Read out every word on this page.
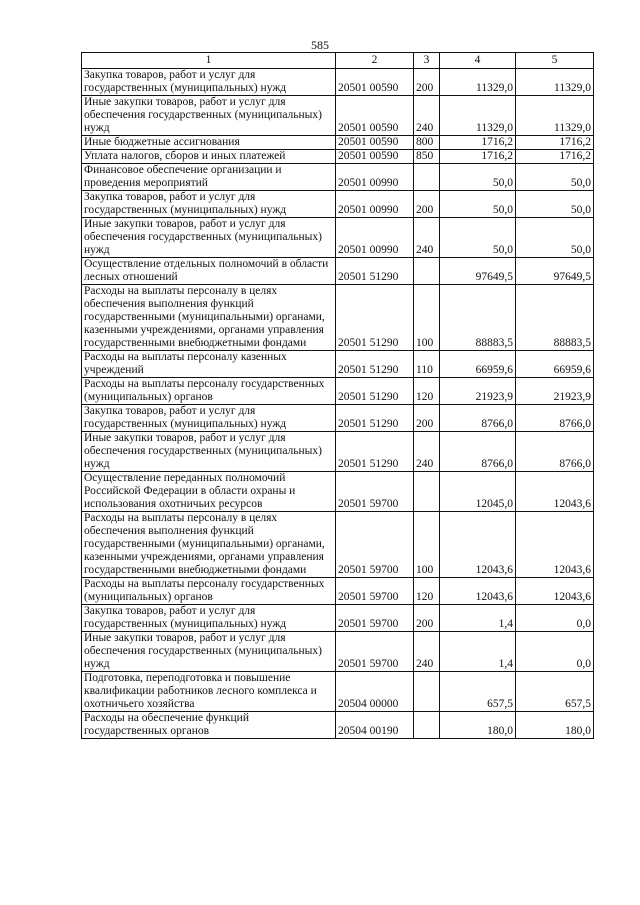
585
1	2	3	4	5
Закупка товаров, работ и услуг для государственных (муниципальных) нужд	20501 00590	200	11329,0	11329,0
Иные закупки товаров, работ и услуг для обеспечения государственных (муниципальных) нужд	20501 00590	240	11329,0	11329,0
Иные бюджетные ассигнования	20501 00590	800	1716,2	1716,2
Уплата налогов, сборов и иных платежей	20501 00590	850	1716,2	1716,2
Финансовое обеспечение организации и проведения мероприятий	20501 00990		50,0	50,0
Закупка товаров, работ и услуг для государственных (муниципальных) нужд	20501 00990	200	50,0	50,0
Иные закупки товаров, работ и услуг для обеспечения государственных (муниципальных) нужд	20501 00990	240	50,0	50,0
Осуществление отдельных полномочий в области лесных отношений	20501 51290		97649,5	97649,5
Расходы на выплаты персоналу в целях обеспечения выполнения функций государственными (муниципальными) органами, казенными учреждениями, органами управления государственными внебюджетными фондами	20501 51290	100	88883,5	88883,5
Расходы на выплаты персоналу казенных учреждений	20501 51290	110	66959,6	66959,6
Расходы на выплаты персоналу государственных (муниципальных) органов	20501 51290	120	21923,9	21923,9
Закупка товаров, работ и услуг для государственных (муниципальных) нужд	20501 51290	200	8766,0	8766,0
Иные закупки товаров, работ и услуг для обеспечения государственных (муниципальных) нужд	20501 51290	240	8766,0	8766,0
Осуществление переданных полномочий Российской Федерации в области охраны и использования охотничьих ресурсов	20501 59700		12045,0	12043,6
Расходы на выплаты персоналу в целях обеспечения выполнения функций государственными (муниципальными) органами, казенными учреждениями, органами управления государственными внебюджетными фондами	20501 59700	100	12043,6	12043,6
Расходы на выплаты персоналу государственных (муниципальных) органов	20501 59700	120	12043,6	12043,6
Закупка товаров, работ и услуг для государственных (муниципальных) нужд	20501 59700	200	1,4	0,0
Иные закупки товаров, работ и услуг для обеспечения государственных (муниципальных) нужд	20501 59700	240	1,4	0,0
Подготовка, переподготовка и повышение квалификации работников лесного комплекса и охотничьего хозяйства	20504 00000		657,5	657,5
Расходы на обеспечение функций государственных органов	20504 00190		180,0	180,0
